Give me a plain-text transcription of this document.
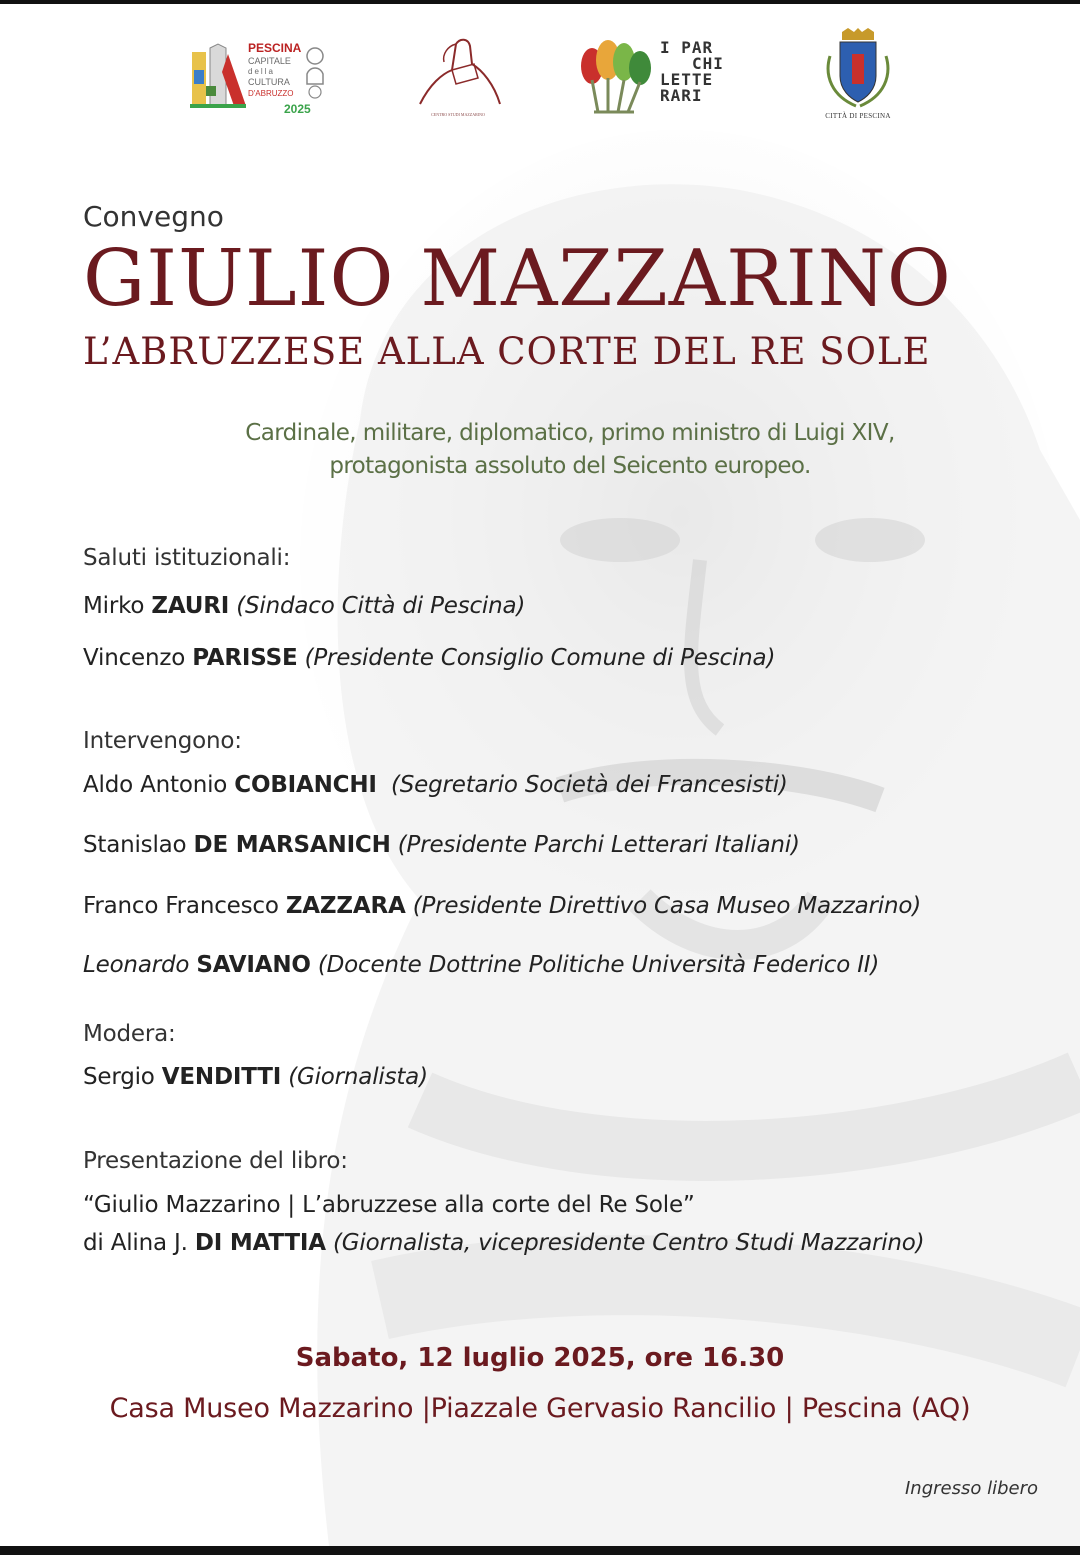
PESCINA
CAPITALE
della
CULTURA
D'ABRUZZO
2025	CENTRO STUDI MAZZARINO
I PAR
CHI
LETTE
RARI
CITTÀ DI PESCINA
Convegno
GIULIO MAZZARINO
L’ABRUZZESE ALLA CORTE DEL RE SOLE
Cardinale, militare, diplomatico, primo ministro di Luigi XIV,
protagonista assoluto del Seicento europeo.
Saluti istituzionali:
Mirko ZAURI (Sindaco Città di Pescina)
Vincenzo PARISSE (Presidente Consiglio Comune di Pescina)
Intervengono:
Aldo Antonio COBIANCHI (Segretario Società dei Francesisti)
Stanislao DE MARSANICH (Presidente Parchi Letterari Italiani)
Franco Francesco ZAZZARA (Presidente Direttivo Casa Museo Mazzarino)
Leonardo SAVIANO (Docente Dottrine Politiche Università Federico II)
Modera:
Sergio VENDITTI (Giornalista)
Presentazione del libro:
“Giulio Mazzarino | L’abruzzese alla corte del Re Sole”
di Alina J. DI MATTIA (Giornalista, vicepresidente Centro Studi Mazzarino)
Sabato, 12 luglio 2025, ore 16.30
Casa Museo Mazzarino |Piazzale Gervasio Rancilio | Pescina (AQ)
Ingresso libero
